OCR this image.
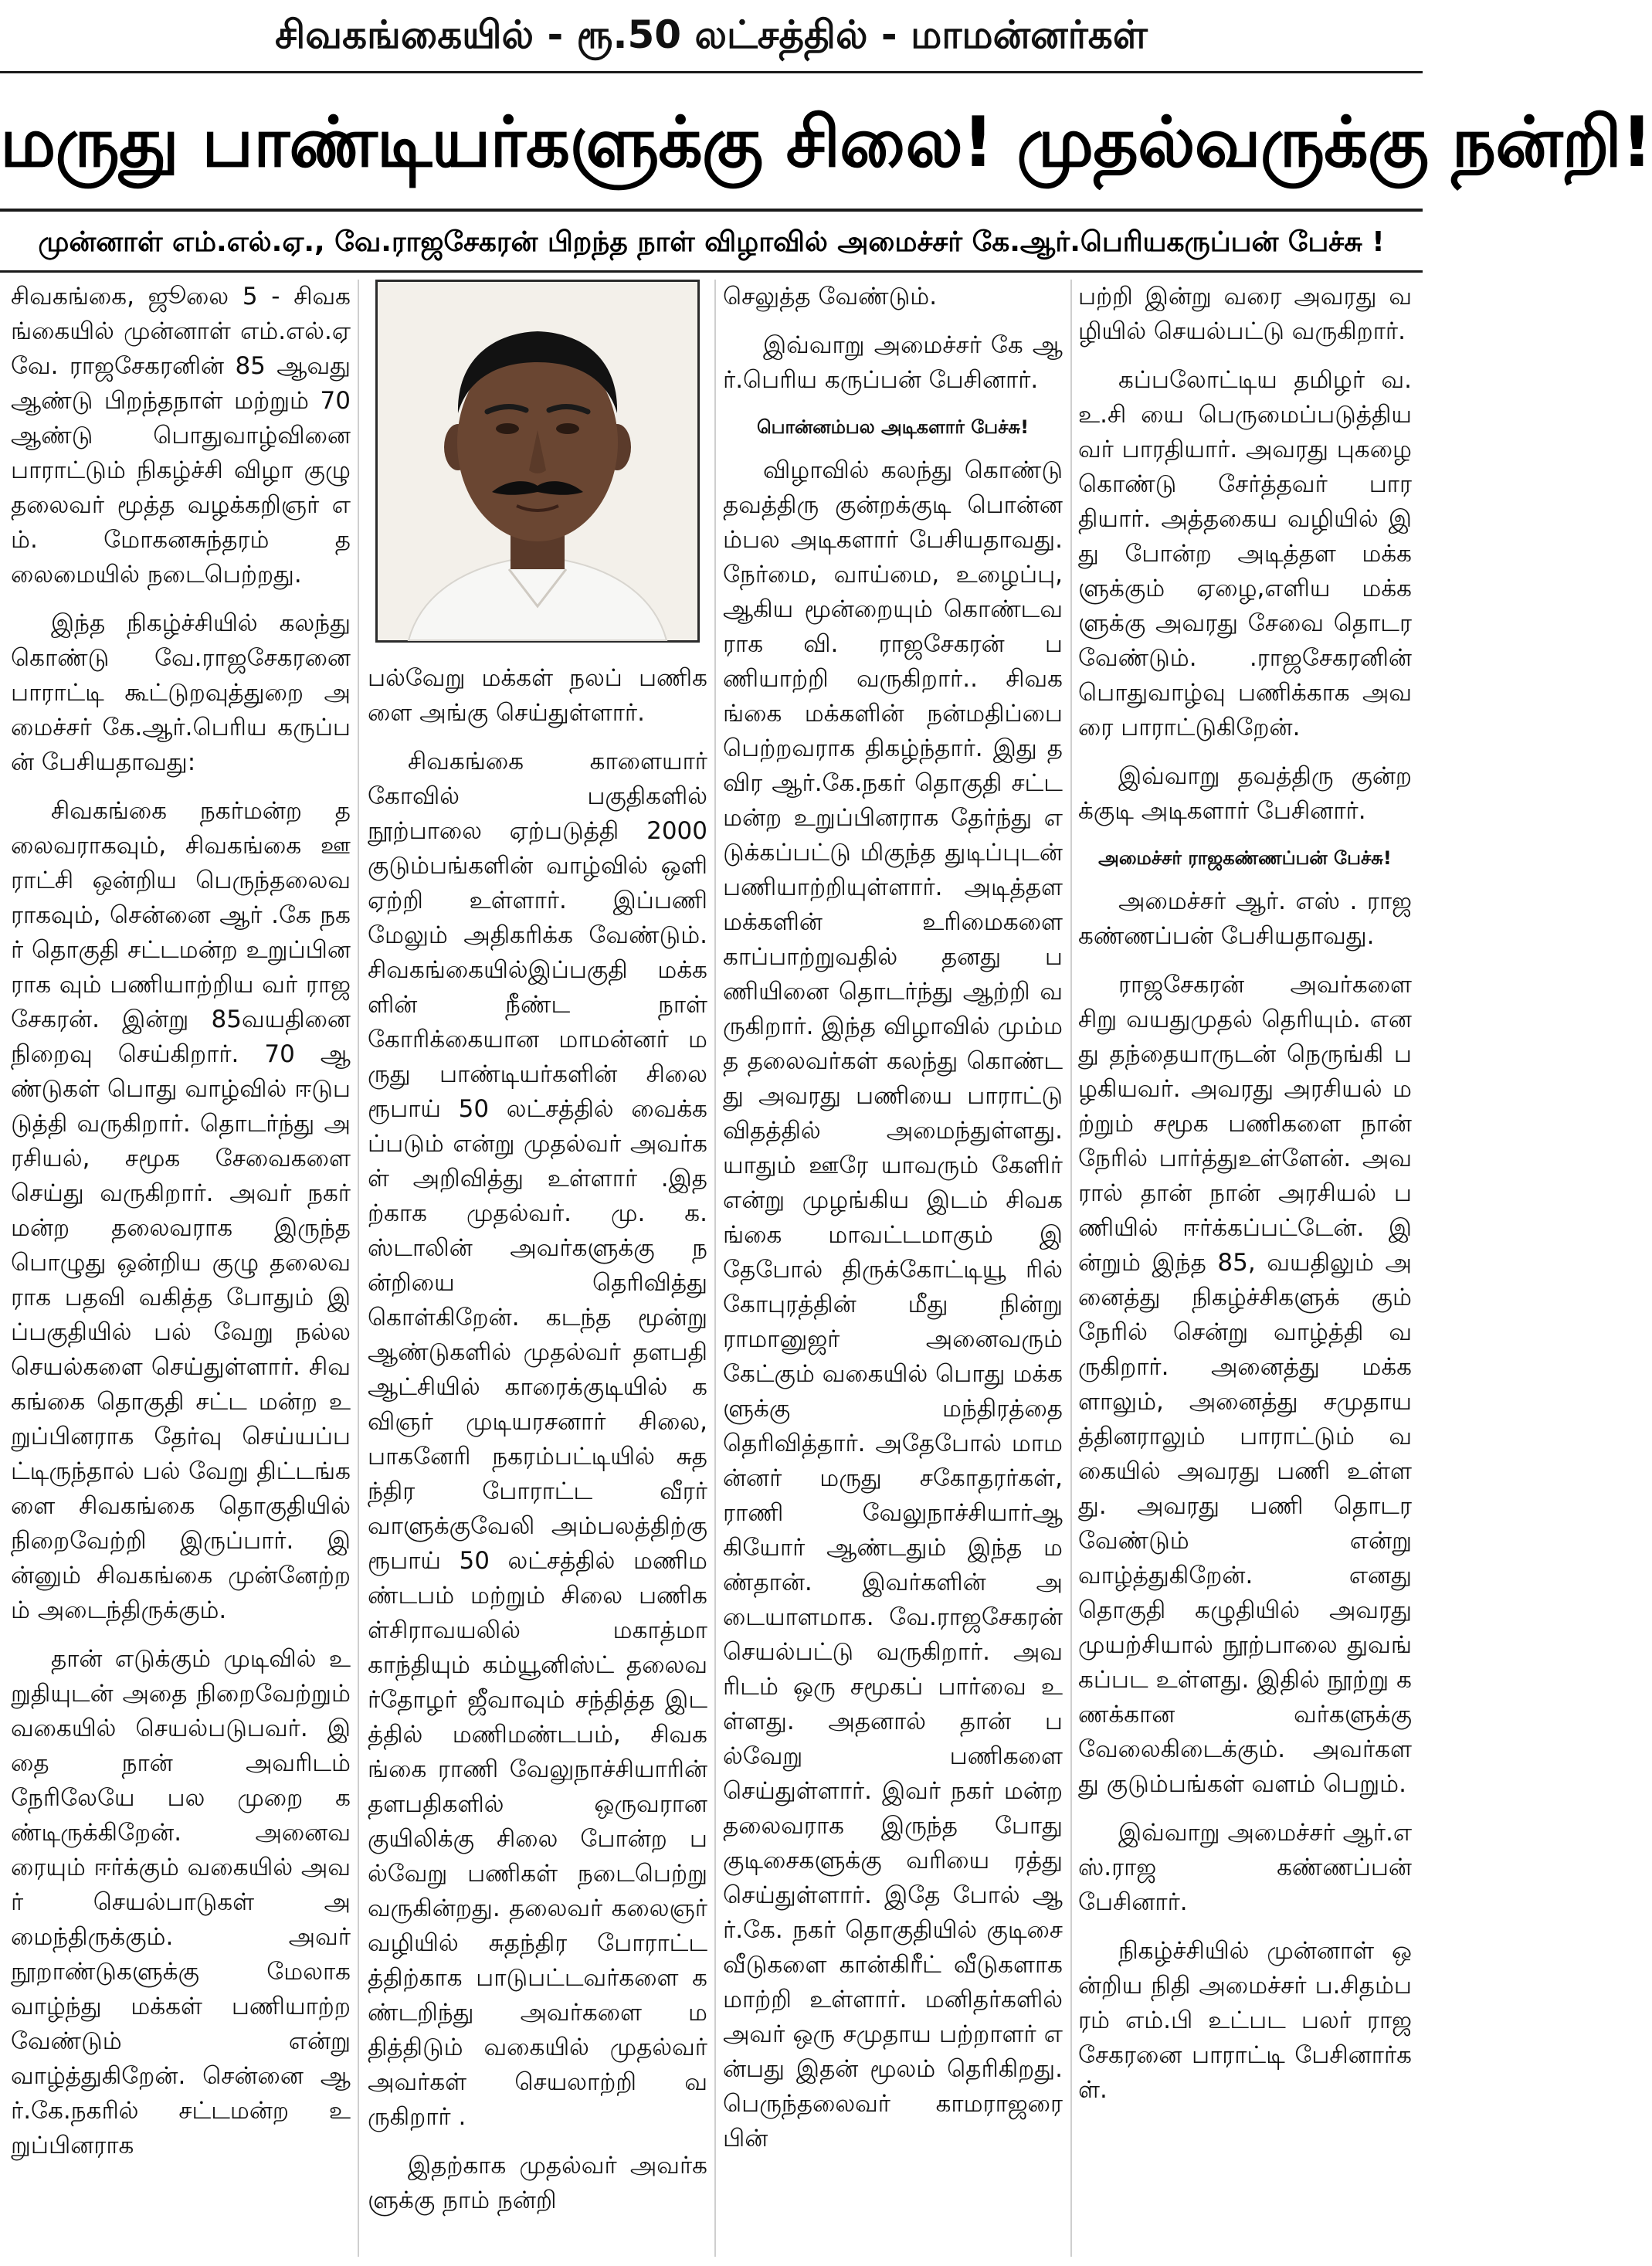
சிவகங்கையில் - ரூ.50 லட்சத்தில் - மாமன்னர்கள்
மருது பாண்டியர்களுக்கு சிலை! முதல்வருக்கு நன்றி!
முன்னாள் எம்.எல்.ஏ., வே.ராஜசேகரன் பிறந்த நாள் விழாவில் அமைச்சர் கே.ஆர்.பெரியகருப்பன் பேச்சு !

சிவகங்கை, ஜூலை 5 - சிவகங்கையில் முன்னாள் எம்.எல்.ஏ வே. ராஜசேகரனின் 85 ஆவது ஆண்டு பிறந்தநாள் மற்றும் 70 ஆண்டு பொதுவாழ்வினை பாராட்டும் நிகழ்ச்சி விழா குழு தலைவர் மூத்த வழக்கறிஞர் எம். மோகனசுந்தரம் தலைமையில் நடைபெற்றது.

இந்த நிகழ்ச்சியில் கலந்து கொண்டு வே.ராஜசேகரனை பாராட்டி கூட்டுறவுத்துறை அமைச்சர் கே.ஆர்.பெரிய கருப்பன் பேசியதாவது:

சிவகங்கை நகர்மன்ற தலைவராகவும், சிவகங்கை ஊராட்சி ஒன்றிய பெருந்தலைவராகவும், சென்னை ஆர் .கே நகர் தொகுதி சட்டமன்ற உறுப்பினராக வும் பணியாற்றிய வர் ராஜசேகரன். இன்று 85வயதினை நிறைவு செய்கிறார். 70 ஆண்டுகள் பொது வாழ்வில் ஈடுபடுத்தி வருகிறார். தொடர்ந்து அரசியல், சமூக சேவைகளை செய்து வருகிறார். அவர் நகர் மன்ற தலைவராக இருந்த பொழுது ஒன்றிய குழு தலைவராக பதவி வகித்த போதும் இப்பகுதியில் பல் வேறு நல்ல செயல்களை செய்துள்ளார். சிவகங்கை தொகுதி சட்ட மன்ற உறுப்பினராக தேர்வு செய்யப்பட்டிருந்தால் பல் வேறு திட்டங்களை சிவகங்கை தொகுதியில் நிறைவேற்றி இருப்பார். இன்னும் சிவகங்கை முன்னேற்றம் அடைந்திருக்கும்.

தான் எடுக்கும் முடிவில் உறுதியுடன் அதை நிறைவேற்றும் வகையில் செயல்படுபவர். இதை நான் அவரிடம் நேரிலேயே பல முறை கண்டிருக்கிறேன். அனைவரையும் ஈர்க்கும் வகையில் அவர் செயல்பாடுகள் அமைந்திருக்கும். அவர் நூறாண்டுகளுக்கு மேலாக வாழ்ந்து மக்கள் பணியாற்ற வேண்டும் என்று வாழ்த்துகிறேன். சென்னை ஆர்.கே.நகரில் சட்டமன்ற உறுப்பினராக

பல்வேறு மக்கள் நலப் பணிகளை அங்கு செய்துள்ளார்.

சிவகங்கை காளையார் கோவில் பகுதிகளில் நூற்பாலை ஏற்படுத்தி 2000குடும்பங்களின் வாழ்வில் ஒளி ஏற்றி உள்ளார். இப்பணி மேலும் அதிகரிக்க வேண்டும். சிவகங்கையில்இப்பகுதி மக்களின் நீண்ட நாள் கோரிக்கையான மாமன்னர் மருது பாண்டியர்களின் சிலை ரூபாய் 50 லட்சத்தில் வைக்கப்படும் என்று முதல்வர் அவர்கள் அறிவித்து உள்ளார் .இதற்காக முதல்வர். மு. க. ஸ்டாலின் அவர்களுக்கு நன்றியை தெரிவித்து கொள்கிறேன். கடந்த மூன்று ஆண்டுகளில் முதல்வர் தளபதி ஆட்சியில் காரைக்குடியில் கவிஞர் முடியரசனார் சிலை, பாகனேரி நகரம்பட்டியில் சுதந்திர போராட்ட வீரர் வாளுக்குவேலி அம்பலத்திற்கு ரூபாய் 50 லட்சத்தில் மணிமண்டபம் மற்றும் சிலை பணிகள்சிராவயலில் மகாத்மா காந்தியும் கம்யூனிஸ்ட் தலைவர்தோழர் ஜீவாவும் சந்தித்த இடத்தில் மணிமண்டபம், சிவகங்கை ராணி வேலுநாச்சியாரின் தளபதிகளில் ஒருவரான குயிலிக்கு சிலை போன்ற பல்வேறு பணிகள் நடைபெற்று வருகின்றது. தலைவர் கலைஞர் வழியில் சுதந்திர போராட்டத்திற்காக பாடுபட்டவர்களை கண்டறிந்து அவர்களை மதித்திடும் வகையில் முதல்வர் அவர்கள் செயலாற்றி வருகிறார் .

இதற்காக முதல்வர் அவர்களுக்கு நாம் நன்றி

செலுத்த வேண்டும்.

இவ்வாறு அமைச்சர் கே ஆர்.பெரிய கருப்பன் பேசினார்.

பொன்னம்பல அடிகளார் பேச்சு!

விழாவில் கலந்து கொண்டு தவத்திரு குன்றக்குடி பொன்னம்பல அடிகளார் பேசியதாவது. நேர்மை, வாய்மை, உழைப்பு, ஆகிய மூன்றையும் கொண்டவராக வி. ராஜசேகரன் பணியாற்றி வருகிறார்.. சிவகங்கை மக்களின் நன்மதிப்பை பெற்றவராக திகழ்ந்தார். இது தவிர ஆர்.கே.நகர் தொகுதி சட்டமன்ற உறுப்பினராக தேர்ந்து எடுக்கப்பட்டு மிகுந்த துடிப்புடன் பணியாற்றியுள்ளார். அடித்தள மக்களின் உரிமைகளை காப்பாற்றுவதில் தனது பணியினை தொடர்ந்து ஆற்றி வருகிறார். இந்த விழாவில் மும்மத தலைவர்கள் கலந்து கொண்டது அவரது பணியை பாராட்டு விதத்தில் அமைந்துள்ளது. யாதும் ஊரே யாவரும் கேளிர் என்று முழங்கிய இடம் சிவகங்கை மாவட்டமாகும் இதேபோல் திருக்கோட்டியூ ரில் கோபுரத்தின் மீது நின்று ராமானுஜர் அனைவரும் கேட்கும் வகையில் பொது மக்களுக்கு மந்திரத்தை தெரிவித்தார். அதேபோல் மாமன்னர் மருது சகோதரர்கள், ராணி வேலுநாச்சியார்ஆகியோர் ஆண்டதும் இந்த மண்தான். இவர்களின் அடையாளமாக. வே.ராஜசேகரன் செயல்பட்டு வருகிறார். அவரிடம் ஒரு சமூகப் பார்வை உள்ளது. அதனால் தான் பல்வேறு பணிகளை செய்துள்ளார். இவர் நகர் மன்ற தலைவராக இருந்த போது குடிசைகளுக்கு வரியை ரத்து செய்துள்ளார். இதே போல் ஆர்.கே. நகர் தொகுதியில் குடிசை வீடுகளை கான்கிரீட் வீடுகளாக மாற்றி உள்ளார். மனிதர்களில் அவர் ஒரு சமுதாய பற்றாளர் என்பது இதன் மூலம் தெரிகிறது. பெருந்தலைவர் காமராஜரை பின்

பற்றி இன்று வரை அவரது வழியில் செயல்பட்டு வருகிறார்.

கப்பலோட்டிய தமிழர் வ.உ.சி யை பெருமைப்படுத்தியவர் பாரதியார். அவரது புகழை கொண்டு சேர்த்தவர் பாரதியார். அத்தகைய வழியில் இது போன்ற அடித்தள மக்களுக்கும் ஏழை,எளிய மக்களுக்கு அவரது சேவை தொடரவேண்டும். .ராஜசேகரனின் பொதுவாழ்வு பணிக்காக அவரை பாராட்டுகிறேன்.

இவ்வாறு தவத்திரு குன்றக்குடி அடிகளார் பேசினார்.

அமைச்சர் ராஜகண்ணப்பன் பேச்சு!

அமைச்சர் ஆர். எஸ் . ராஜ கண்ணப்பன் பேசியதாவது.

ராஜசேகரன் அவர்களை சிறு வயதுமுதல் தெரியும். எனது தந்தையாருடன் நெருங்கி பழகியவர். அவரது அரசியல் மற்றும் சமூக பணிகளை நான் நேரில் பார்த்துஉள்ளேன். அவரால் தான் நான் அரசியல் பணியில் ஈர்க்கப்பட்டேன். இன்றும் இந்த 85, வயதிலும் அனைத்து நிகழ்ச்சிகளுக் கும் நேரில் சென்று வாழ்த்தி வருகிறார். அனைத்து மக்களாலும், அனைத்து சமுதாயத்தினராலும் பாராட்டும் வகையில் அவரது பணி உள்ளது. அவரது பணி தொடர வேண்டும் என்று வாழ்த்துகிறேன். எனது தொகுதி கழுதியில் அவரது முயற்சியால் நூற்பாலை துவங் கப்பட உள்ளது. இதில் நூற்று கணக்கான வர்களுக்கு வேலைகிடைக்கும். அவர்களது குடும்பங்கள் வளம் பெறும்.

இவ்வாறு அமைச்சர் ஆர்.எஸ்.ராஜ கண்ணப்பன் பேசினார்.

நிகழ்ச்சியில் முன்னாள் ஒன்றிய நிதி அமைச்சர் ப.சிதம்பரம் எம்.பி உட்பட பலர் ராஜசேகரனை பாராட்டி பேசினார்கள்.
